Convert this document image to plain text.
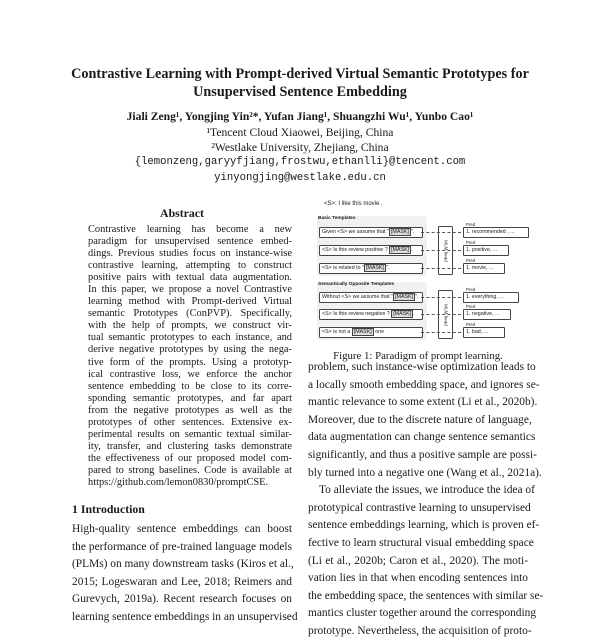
Contrastive Learning with Prompt-derived Virtual Semantic Prototypes for
Unsupervised Sentence Embedding
Jiali Zeng¹, Yongjing Yin²*, Yufan Jiang¹, Shuangzhi Wu¹, Yunbo Cao¹
¹Tencent Cloud Xiaowei, Beijing, China
²Westlake University, Zhejiang, China
{lemonzeng,garyyfjiang,frostwu,ethanlli}@tencent.com
yinyongjing@westlake.edu.cn
Abstract
Contrastive learning has become a new
paradigm for unsupervised sentence embed-
dings. Previous studies focus on instance-wise
contrastive learning, attempting to construct
positive pairs with textual data augmentation.
In this paper, we propose a novel Contrastive
learning method with Prompt-derived Virtual
semantic Prototypes (ConPVP). Specifically,
with the help of prompts, we construct vir-
tual semantic prototypes to each instance, and
derive negative prototypes by using the nega-
tive form of the prompts. Using a prototyp-
ical contrastive loss, we enforce the anchor
sentence embedding to be close to its corre-
sponding semantic prototypes, and far apart
from the negative prototypes as well as the
prototypes of other sentences. Extensive ex-
perimental results on semantic textual similar-
ity, transfer, and clustering tasks demonstrate
the effectiveness of our proposed model com-
pared to strong baselines. Code is available at
https://github.com/lemon0830/promptCSE.
1 Introduction
High-quality sentence embeddings can boost
the performance of pre-trained language models
(PLMs) on many downstream tasks (Kiros et al.,
2015; Logeswaran and Lee, 2018; Reimers and
Gurevych, 2019a). Recent research focuses on
learning sentence embeddings in an unsupervised
<S>: I like this movie .
Basic Templates
Semantically Opposite Templates
MLM head
MLM head
Given <S> we assume that " [MASK] ".
Pred
1. recommended , ...
<S> Is this review positive ? [MASK] .
Pred
1. positive, ...
<S> is related to " [MASK] ".
Pred
1. movie, ...
Without <S> we assume that " [MASK] ".
Pred
1. everything, ...
<S> Is this review negative ? [MASK] .
Pred
1. negative, ...
<S> is not a [MASK] one
Pred
1. bad, ...
Figure 1: Paradigm of prompt learning.
problem, such instance-wise optimization leads to
a locally smooth embedding space, and ignores se-
mantic relevance to some extent (Li et al., 2020b).
Moreover, due to the discrete nature of language,
data augmentation can change sentence semantics
significantly, and thus a positive sample are possi-
bly turned into a negative one (Wang et al., 2021a).
To alleviate the issues, we introduce the idea of
prototypical contrastive learning to unsupervised
sentence embeddings learning, which is proven ef-
fective to learn structural visual embedding space
(Li et al., 2020b; Caron et al., 2020). The moti-
vation lies in that when encoding sentences into
the embedding space, the sentences with similar se-
mantics cluster together around the corresponding
prototype. Nevertheless, the acquisition of proto-
